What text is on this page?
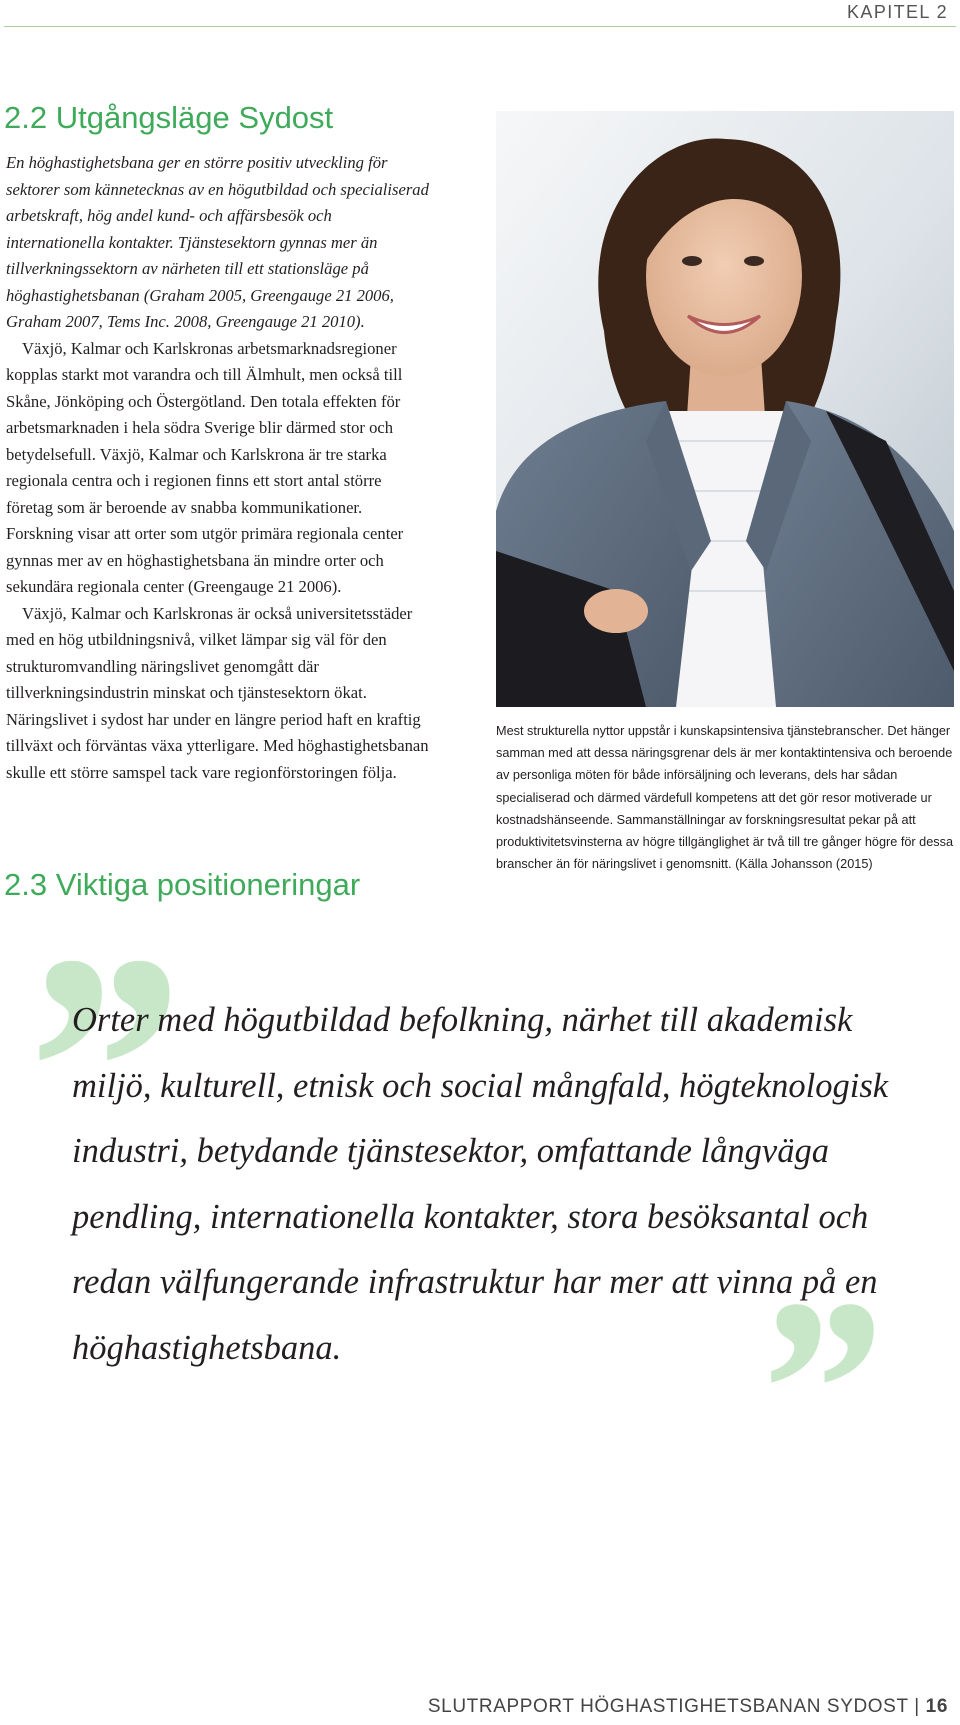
KAPITEL 2
2.2 Utgångsläge Sydost

En höghastighetsbana ger en större positiv utveckling för sektorer som kännetecknas av en högutbildad och specialiserad arbetskraft, hög andel kund- och affärsbesök och internationella kontakter. Tjänstesektorn gynnas mer än tillverkningssektorn av närheten till ett stationsläge på höghastighetsbanan (Graham 2005, Greengauge 21 2006, Graham 2007, Tems Inc. 2008, Greengauge 21 2010).

Växjö, Kalmar och Karlskronas arbetsmarknadsregioner kopplas starkt mot varandra och till Älmhult, men också till Skåne, Jönköping och Östergötland. Den totala effekten för arbetsmarknaden i hela södra Sverige blir därmed stor och betydelsefull. Växjö, Kalmar och Karlskrona är tre starka regionala centra och i regionen finns ett stort antal större företag som är beroende av snabba kommunikationer. Forskning visar att orter som utgör primära regionala center gynnas mer av en höghastighetsbana än mindre orter och sekundära regionala center (Greengauge 21 2006).

Växjö, Kalmar och Karlskronas är också universitetsstäder med en hög utbildningsnivå, vilket lämpar sig väl för den strukturomvandling näringslivet genomgått där tillverkningsindustrin minskat och tjänstesektorn ökat. Näringslivet i sydost har under en längre period haft en kraftig tillväxt och förväntas växa ytterligare. Med höghastighetsbanan skulle ett större samspel tack vare regionförstoringen följa.

2.3 Viktiga positioneringar
Mest strukturella nyttor uppstår i kunskapsintensiva tjänstebranscher. Det hänger samman med att dessa näringsgrenar dels är mer kontaktintensiva och beroende av personliga möten för både införsäljning och leverans, dels har sådan specialiserad och därmed värdefull kompetens att det gör resor motiverade ur kostnadshänseende. Sammanställningar av forskningsresultat pekar på att produktivitetsvinsterna av högre tillgänglighet är två till tre gånger högre för dessa branscher än för näringslivet i genomsnitt. (Källa Johansson (2015)
”
”

Orter med högutbildad befolkning, närhet till akademisk miljö, kulturell, etnisk och social mångfald, högteknologisk industri, betydande tjänstesektor, omfattande långväga pendling, internationella kontakter, stora besöksantal och redan välfungerande infrastruktur har mer att vinna på en höghastighetsbana.

SLUTRAPPORT HÖGHASTIGHETSBANAN SYDOST | 16
